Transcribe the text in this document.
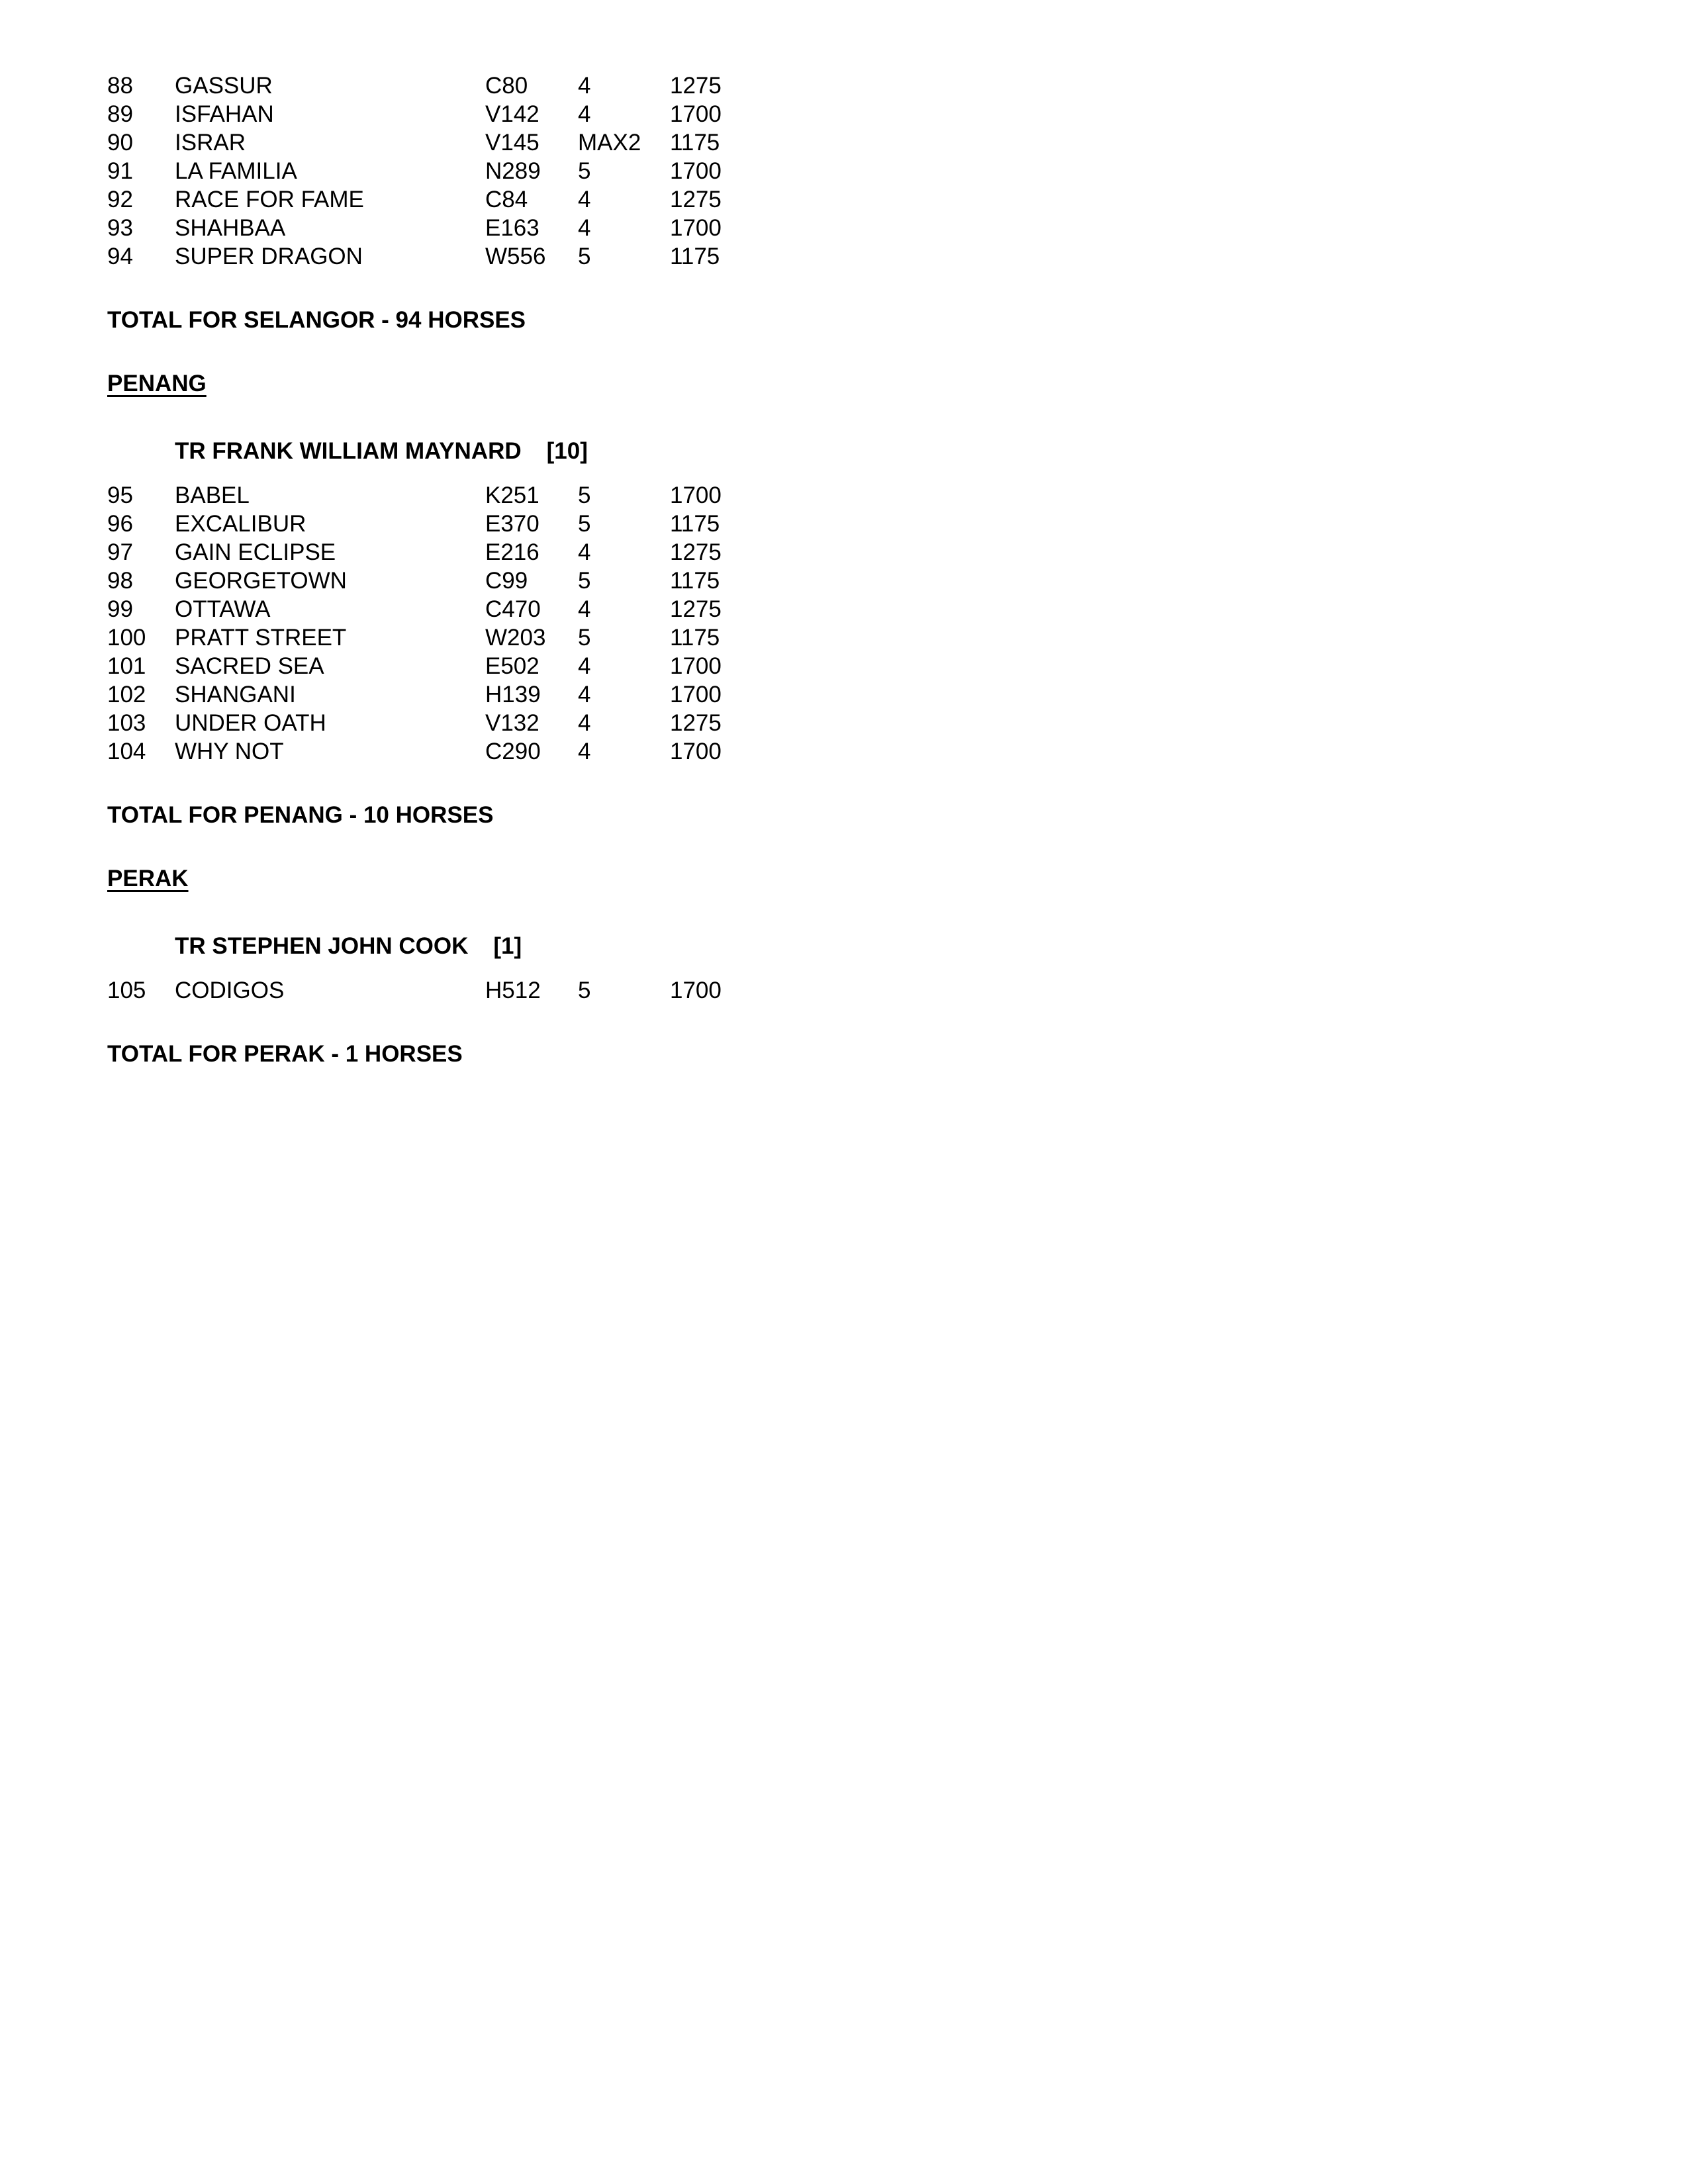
88 GASSUR	C80 4	1275
89 ISFAHAN	V142 4	1700
90 ISRAR	V145 MAX2 1175
91 LA FAMILIA	N289 5	1700
92 RACE FOR FAME	C84 4	1275
93 SHAHBAA	E163 4	1700
94 SUPER DRAGON	W556 5	1175
TOTAL FOR SELANGOR - 94 HORSES
PENANG
TR FRANK WILLIAM MAYNARD [10]
95 BABEL	K251 5	1700
96 EXCALIBUR	E370 5	1175
97 GAIN ECLIPSE	E216 4	1275
98 GEORGETOWN	C99 5	1175
99 OTTAWA	C470 4	1275
100 PRATT STREET	W203 5	1175
101 SACRED SEA	E502 4	1700
102 SHANGANI	H139 4	1700
103 UNDER OATH	V132 4	1275
104 WHY NOT	C290 4	1700
TOTAL FOR PENANG - 10 HORSES
PERAK
TR STEPHEN JOHN COOK [1]
105 CODIGOS	H512 5	1700
TOTAL FOR PERAK - 1 HORSES
